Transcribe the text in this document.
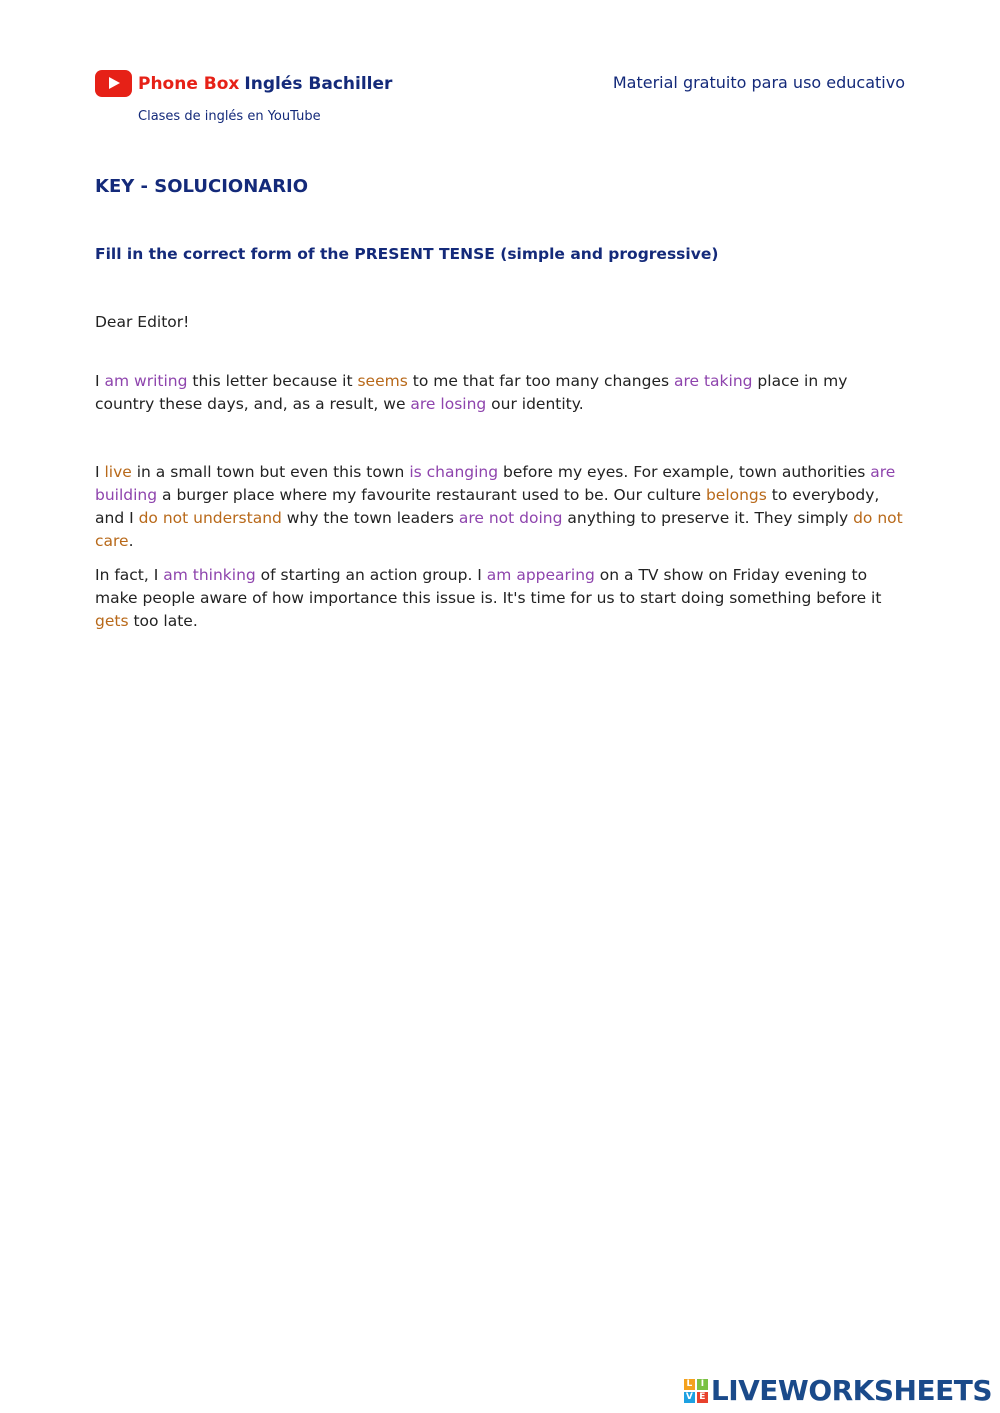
Phone Box Inglés Bachiller
Clases de inglés en YouTube
Material gratuito para uso educativo
KEY - SOLUCIONARIO
Fill in the correct form of the PRESENT TENSE (simple and progressive)
Dear Editor!

I am writing this letter because it seems to me that far too many changes are taking place in my country these days, and, as a result, we are losing our identity.

I live in a small town but even this town is changing before my eyes. For example, town authorities are building a burger place where my favourite restaurant used to be. Our culture belongs to everybody, and I do not understand why the town leaders are not doing anything to preserve it. They simply do not care.

In fact, I am thinking of starting an action group. I am appearing on a TV show on Friday evening to make people aware of how importance this issue is. It's time for us to start doing something before it gets too late.

L I
V E LIVEWORKSHEETS
